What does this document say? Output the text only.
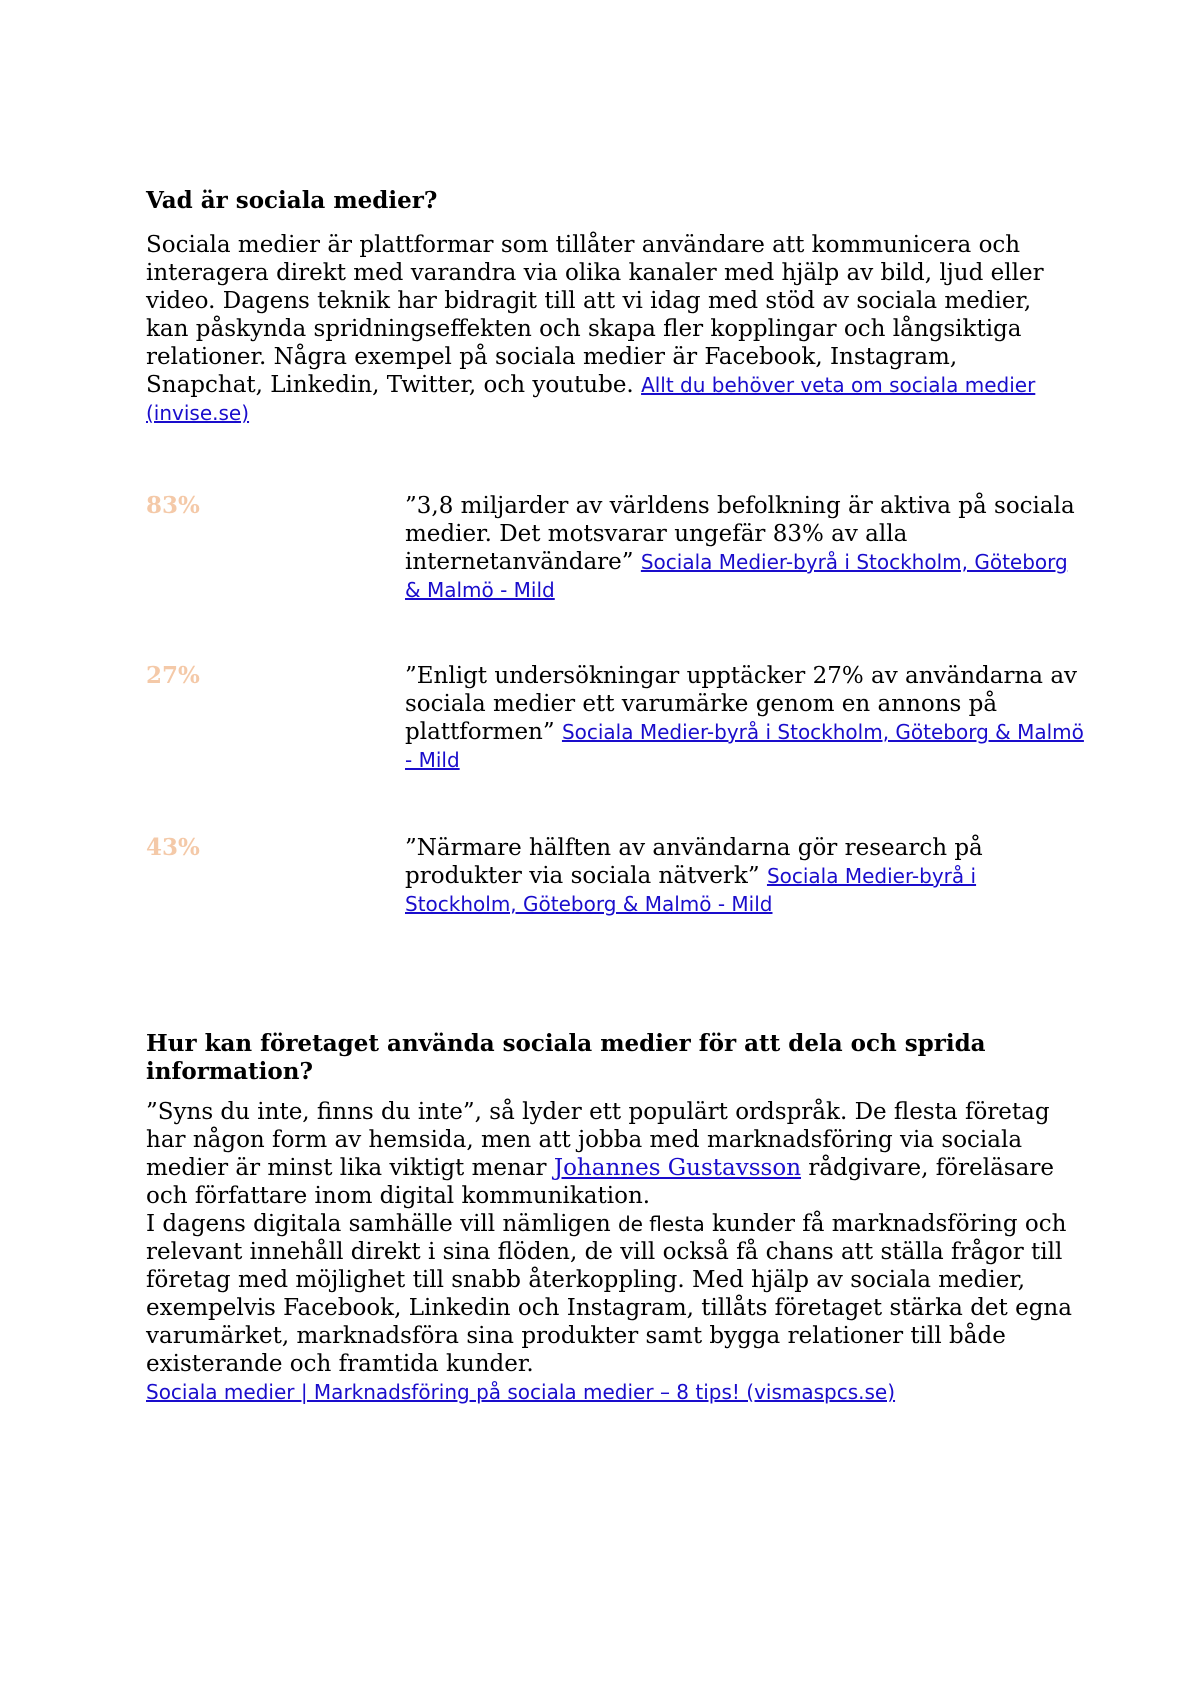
Vad är sociala medier?

Sociala medier är plattformar som tillåter användare att kommunicera och interagera direkt med varandra via olika kanaler med hjälp av bild, ljud eller video. Dagens teknik har bidragit till att vi idag med stöd av sociala medier, kan påskynda spridningseffekten och skapa fler kopplingar och långsiktiga relationer. Några exempel på sociala medier är Facebook, Instagram, Snapchat, Linkedin, Twitter, och youtube. Allt du behöver veta om sociala medier (invise.se)

83%	”3,8 miljarder av världens befolkning är aktiva på sociala medier. Det motsvarar ungefär 83% av alla internetanvändare” Sociala Medier-byrå i Stockholm, Göteborg & Malmö - Mild
27%	”Enligt undersökningar upptäcker 27% av användarna av sociala medier ett varumärke genom en annons på plattformen” Sociala Medier-byrå i Stockholm, Göteborg & Malmö - Mild
43%	”Närmare hälften av användarna gör research på produkter via sociala nätverk” Sociala Medier-byrå i Stockholm, Göteborg & Malmö - Mild
Hur kan företaget använda sociala medier för att dela och sprida information?

”Syns du inte, finns du inte”, så lyder ett populärt ordspråk. De flesta företag har någon form av hemsida, men att jobba med marknadsföring via sociala medier är minst lika viktigt menar Johannes Gustavsson rådgivare, föreläsare och författare inom digital kommunikation.

I dagens digitala samhälle vill nämligen de flesta kunder få marknadsföring och relevant innehåll direkt i sina flöden, de vill också få chans att ställa frågor till företag med möjlighet till snabb återkoppling. Med hjälp av sociala medier, exempelvis Facebook, Linkedin och Instagram, tillåts företaget stärka det egna varumärket, marknadsföra sina produkter samt bygga relationer till både existerande och framtida kunder.

Sociala medier | Marknadsföring på sociala medier – 8 tips! (vismaspcs.se)
